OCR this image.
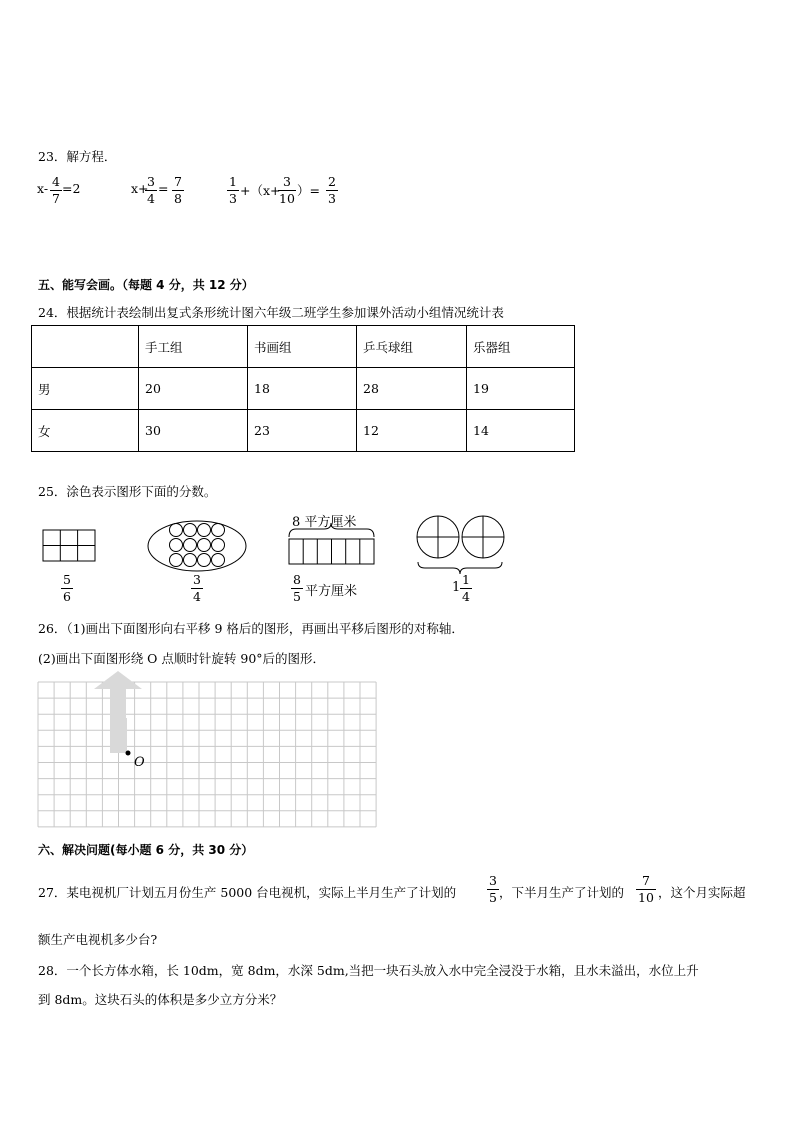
23．解方程．
x- 4
7
=2	x+
3
4
= 7
8
1
3
+（x+
3
10
）=
2
3
五、能写会画。（每题 4 分，共 12 分）
24．根据统计表绘制出复式条形统计图六年级二班学生参加课外活动小组情况统计表
	手工组	书画组	乒乓球组	乐器组
男	20	18	28	19
女	30	23	12	14
25．涂色表示图形下面的分数。
5
6
3
4
8 平方厘米
8
5 平方厘米	1
1
4
26．（1)画出下面图形向右平移 9 格后的图形，再画出平移后图形的对称轴．
(2)画出下面图形绕 O 点顺时针旋转 90°后的图形．
O
六、解决问题(每小题 6 分，共 30 分）
27．某电视机厂计划五月份生产 5000 台电视机，实际上半月生产了计划的
3
5 ，下半月生产了计划的
7
10 ，这个月实际超
额生产电视机多少台?
28．一个长方体水箱，长 10dm，宽 8dm，水深 5dm,当把一块石头放入水中完全浸没于水箱，且水未溢出，水位上升
到 8dm。这块石头的体积是多少立方分米？
